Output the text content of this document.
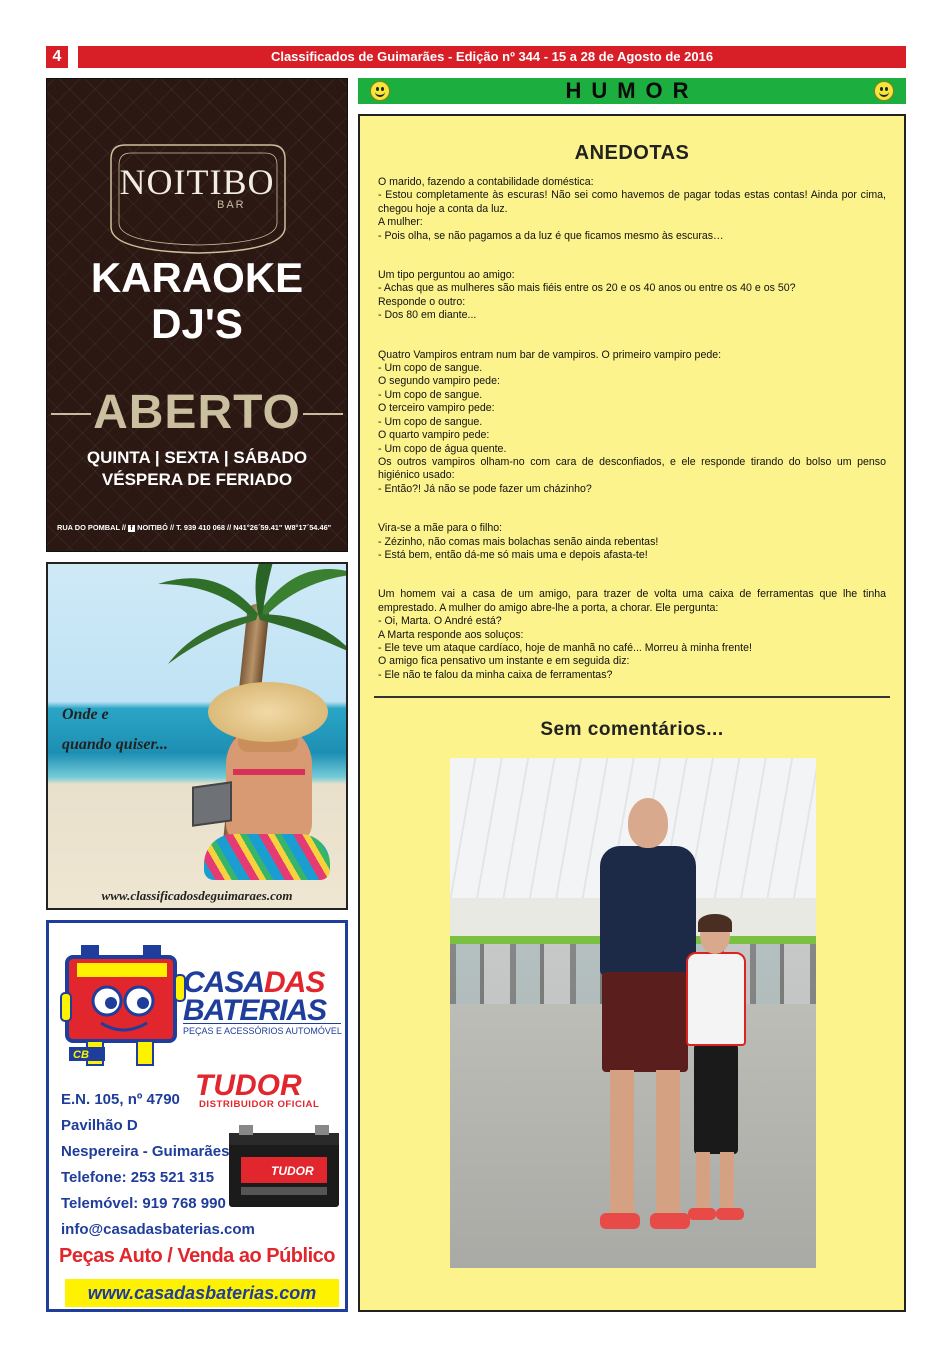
4	Classificados de Guimarães - Edição nº 344 - 15 a 28 de Agosto de 2016
HUMOR
ANEDOTAS

O marido, fazendo a contabilidade doméstica:

- Estou completamente às escuras! Não sei como havemos de pagar todas estas contas! Ainda por cima, chegou hoje a conta da luz.

A mulher:

- Pois olha, se não pagamos a da luz é que ficamos mesmo às escuras…

Um tipo perguntou ao amigo:

- Achas que as mulheres são mais fiéis entre os 20 e os 40 anos ou entre os 40 e os 50?

Responde o outro:

- Dos 80 em diante...

Quatro Vampiros entram num bar de vampiros. O primeiro vampiro pede:

- Um copo de sangue.

O segundo vampiro pede:

- Um copo de sangue.

O terceiro vampiro pede:

- Um copo de sangue.

O quarto vampiro pede:

- Um copo de água quente.

Os outros vampiros olham-no com cara de desconfiados, e ele responde tirando do bolso um penso higiénico usado:

- Então?! Já não se pode fazer um cházinho?

Vira-se a mãe para o filho:

- Zézinho, não comas mais bolachas senão ainda rebentas!

- Está bem, então dá-me só mais uma e depois afasta-te!

Um homem vai a casa de um amigo, para trazer de volta uma caixa de ferramentas que lhe tinha emprestado. A mulher do amigo abre-lhe a porta, a chorar. Ele pergunta:

- Oi, Marta. O André está?

A Marta responde aos soluços:

- Ele teve um ataque cardíaco, hoje de manhã no café... Morreu à minha frente!

O amigo fica pensativo um instante e em seguida diz:

- Ele não te falou da minha caixa de ferramentas?

Sem comentários...
NOITIBO
BAR
KARAOKE
DJ'S
ABERTO
QUINTA | SEXTA | SÁBADO
VÉSPERA DE FERIADO
RUA DO POMBAL // f NOITIBÓ // T. 939 410 068 // N41°26´59.41" W8°17´54.46"
Onde e
quando quiser...
www.classificadosdeguimaraes.com
CB
CASADAS
BATERIAS
PEÇAS E ACESSÓRIOS AUTOMÓVEL
TUDOR
DISTRIBUIDOR OFICIAL
TUDOR
E.N. 105, nº 4790
Pavilhão D
Nespereira - Guimarães
Telefone: 253 521 315
Telemóvel: 919 768 990
info@casadasbaterias.com
Peças Auto / Venda ao Público
www.casadasbaterias.com
